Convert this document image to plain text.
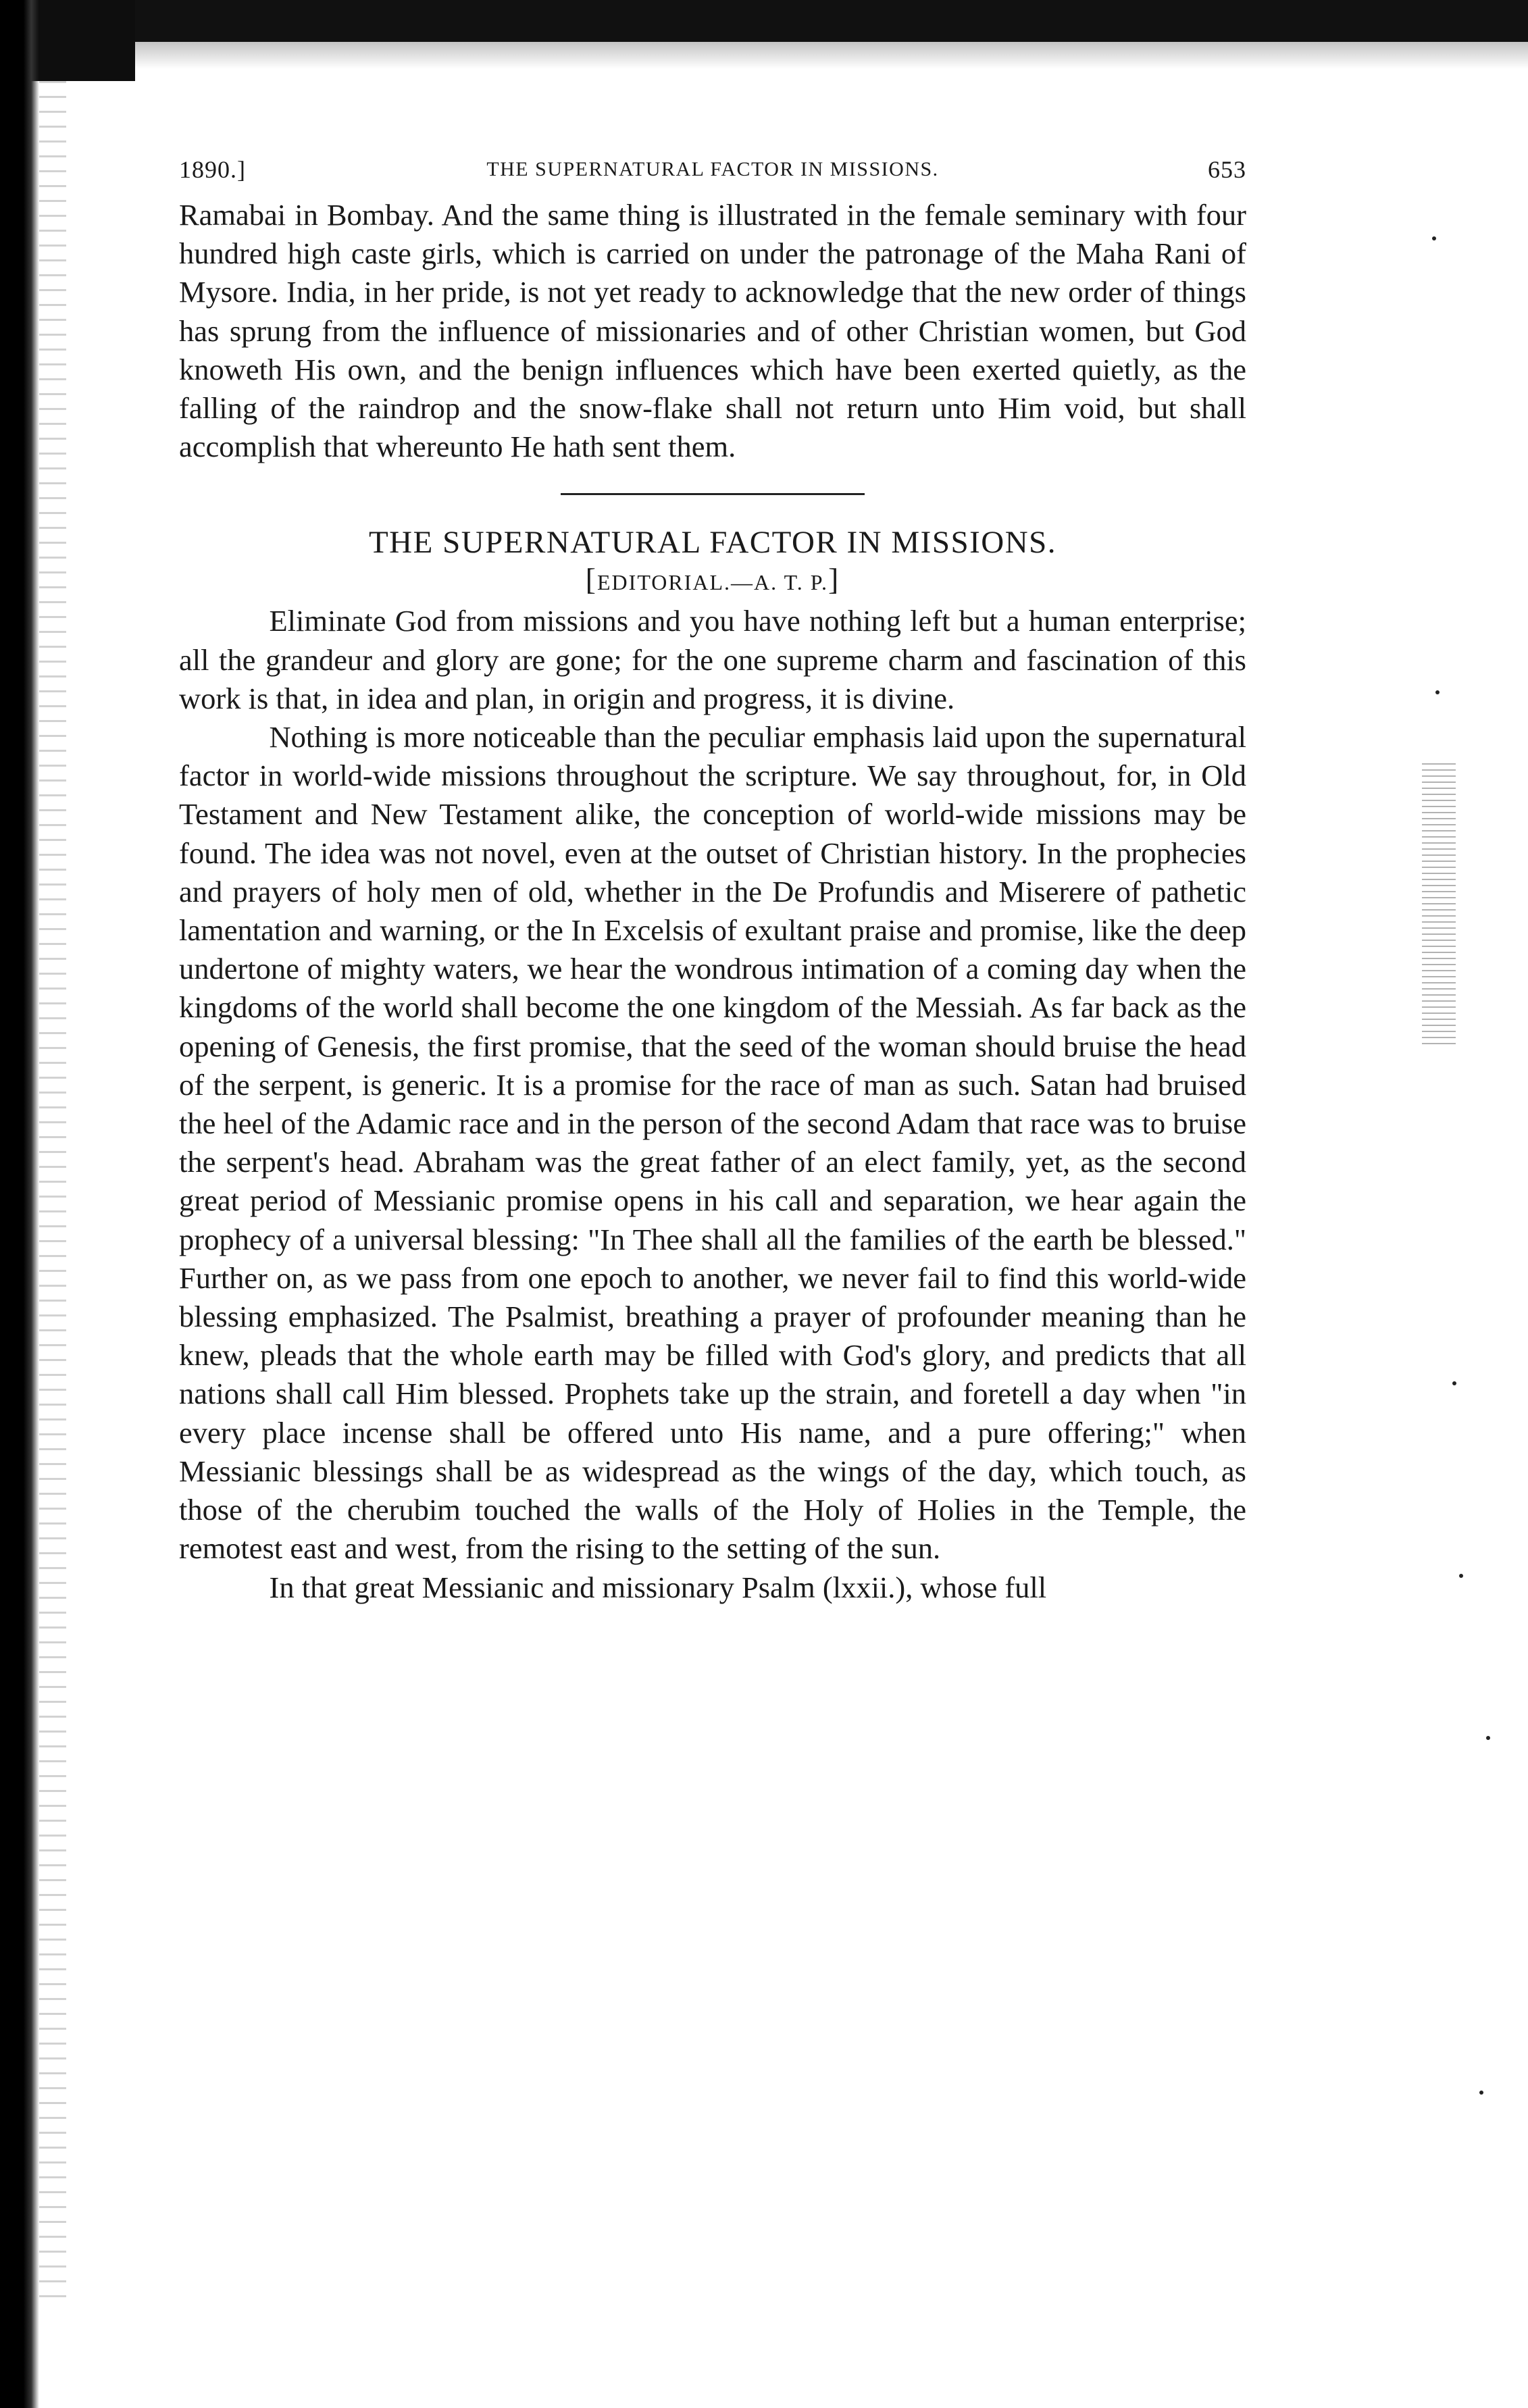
1890.]	THE SUPERNATURAL FACTOR IN MISSIONS.	653

Ramabai in Bombay. And the same thing is illustrated in the female seminary with four hundred high caste girls, which is carried on under the patronage of the Maha Rani of Mysore. India, in her pride, is not yet ready to acknowledge that the new order of things has sprung from the influence of missionaries and of other Christian women, but God knoweth His own, and the benign influences which have been exerted quietly, as the falling of the raindrop and the snow-flake shall not return unto Him void, but shall accomplish that whereunto He hath sent them.

THE SUPERNATURAL FACTOR IN MISSIONS.
[EDITORIAL.—A. T. P.]

Eliminate God from missions and you have nothing left but a human enterprise; all the grandeur and glory are gone; for the one supreme charm and fascination of this work is that, in idea and plan, in origin and progress, it is divine.

Nothing is more noticeable than the peculiar emphasis laid upon the supernatural factor in world-wide missions throughout the scripture. We say throughout, for, in Old Testament and New Testament alike, the conception of world-wide missions may be found. The idea was not novel, even at the outset of Christian history. In the prophecies and prayers of holy men of old, whether in the De Profundis and Miserere of pathetic lamentation and warning, or the In Excelsis of exultant praise and promise, like the deep undertone of mighty waters, we hear the wondrous intimation of a coming day when the kingdoms of the world shall become the one kingdom of the Messiah. As far back as the opening of Genesis, the first promise, that the seed of the woman should bruise the head of the serpent, is generic. It is a promise for the race of man as such. Satan had bruised the heel of the Adamic race and in the person of the second Adam that race was to bruise the serpent's head. Abraham was the great father of an elect family, yet, as the second great period of Messianic promise opens in his call and separation, we hear again the prophecy of a universal blessing: "In Thee shall all the families of the earth be blessed." Further on, as we pass from one epoch to another, we never fail to find this world-wide blessing emphasized. The Psalmist, breathing a prayer of profounder meaning than he knew, pleads that the whole earth may be filled with God's glory, and predicts that all nations shall call Him blessed. Prophets take up the strain, and foretell a day when "in every place incense shall be offered unto His name, and a pure offering;" when Messianic blessings shall be as widespread as the wings of the day, which touch, as those of the cherubim touched the walls of the Holy of Holies in the Temple, the remotest east and west, from the rising to the setting of the sun.

In that great Messianic and missionary Psalm (lxxii.), whose full
